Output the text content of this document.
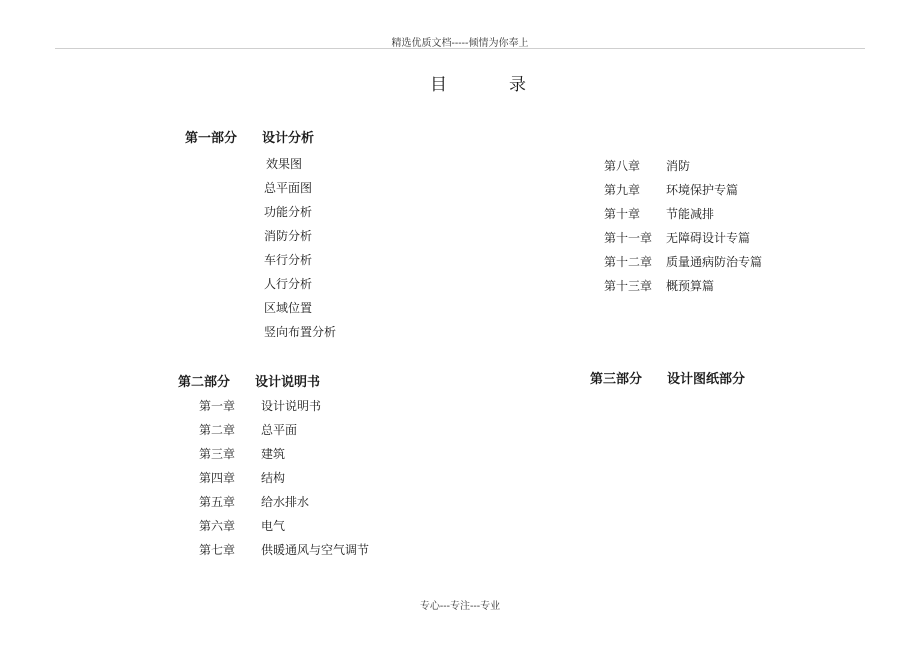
精选优质文档-----倾情为你奉上
目	录
第一部分 设计分析
效果图
总平面图
功能分析
消防分析
车行分析
人行分析
区域位置
竖向布置分析
第八章 消防
第九章 环境保护专篇
第十章 节能减排
第十一章 无障碍设计专篇
第十二章 质量通病防治专篇
第十三章 概预算篇
第二部分 设计说明书
第一章 设计说明书
第二章 总平面
第三章 建筑
第四章 结构
第五章 给水排水
第六章 电气
第七章 供暖通风与空气调节
第三部分 设计图纸部分
专心---专注---专业
